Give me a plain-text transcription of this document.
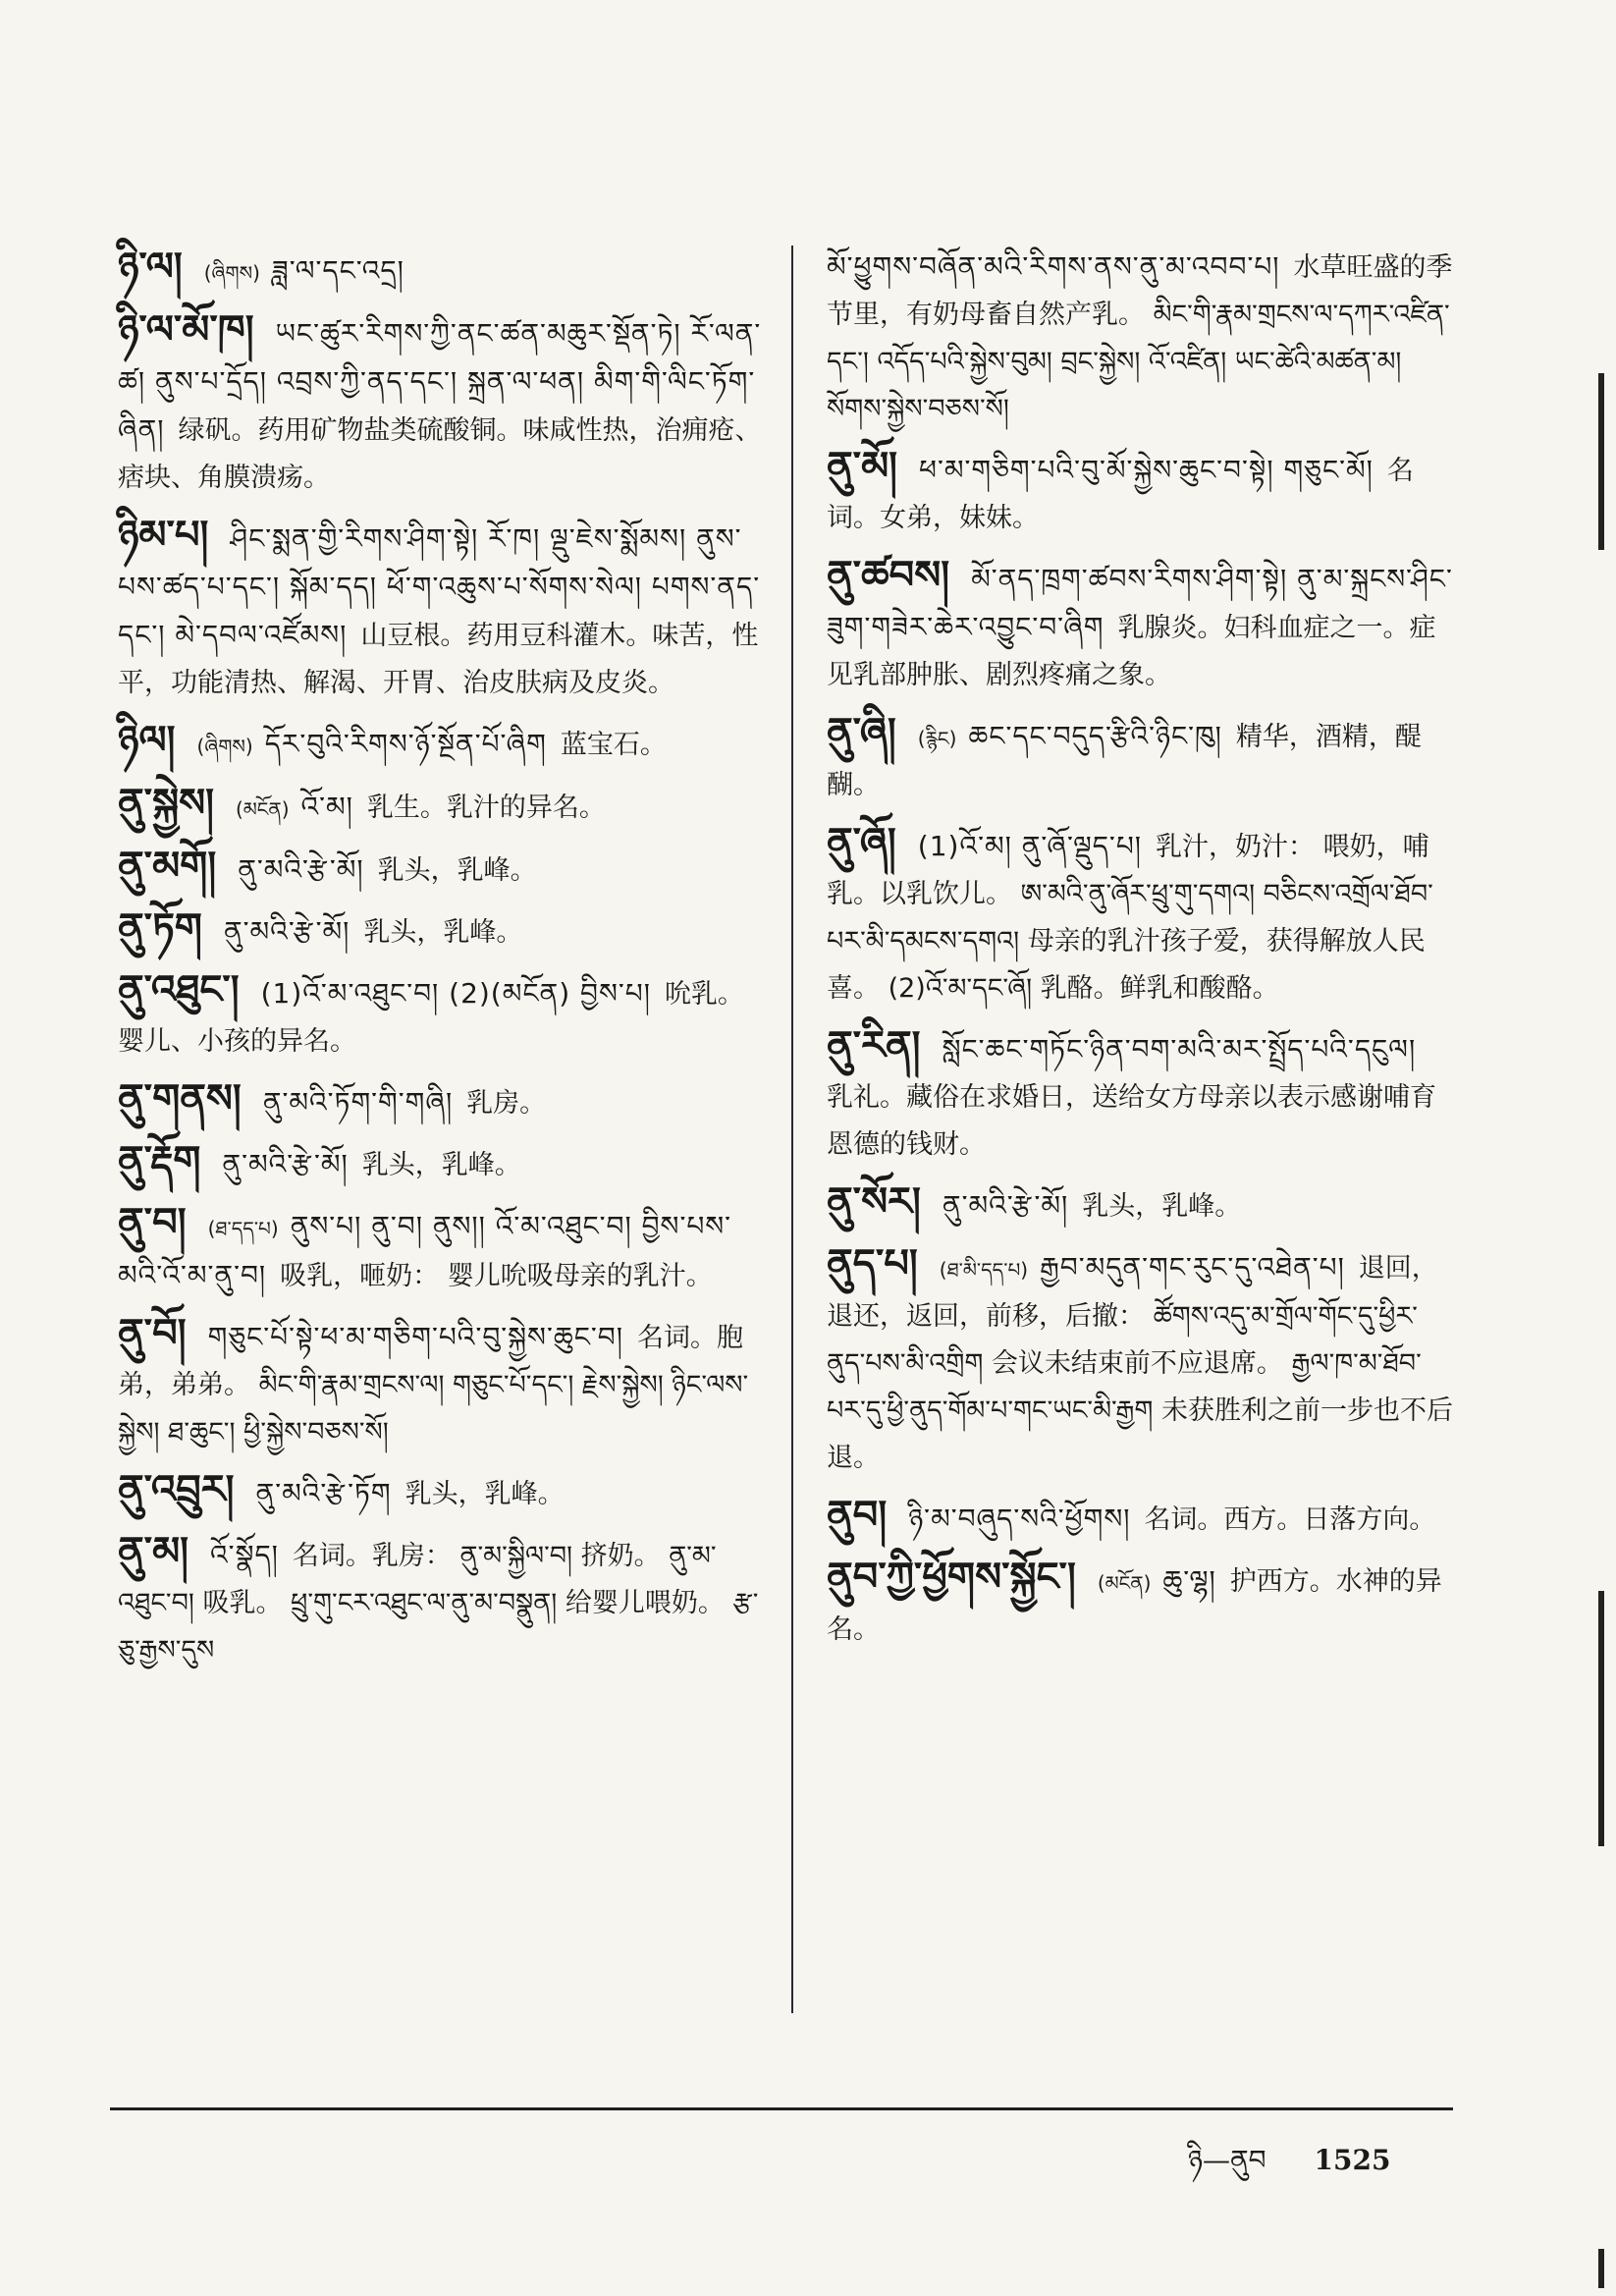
ཉི་ལ། (ཞིགས) ཟླ་ལ་དང་འདྲ།
ཉི་ལ་མོ་ཁ། ཡང་ཚུར་རིགས་ཀྱི་ནང་ཚན་མཆུར་སྡོན་ཏེ། རོ་ལན་ཚ། ནུས་པ་དྲོད། འབྲས་ཀྱི་ནད་དང་། སྐྲན་ལ་ཕན། མིག་གི་ལིང་ཏོག་ཞིན། 绿矾。药用矿物盐类硫酸铜。味咸性热，治痈疮、痞块、角膜溃疡。
ཉིམ་པ། ཤིང་སྨན་གྱི་རིགས་ཤིག་སྟེ། རོ་ཁ། ལྡུ་ཇེས་སྨོམས། ནུས་པས་ཚད་པ་དང་། སྐོམ་དད། ཕོ་ག་འཆུས་པ་སོགས་སེལ། པགས་ནད་དང་། མེ་དབལ་འཛོམས། 山豆根。药用豆科灌木。味苦，性平，功能清热、解渴、开胃、治皮肤病及皮炎。
ཉིལ། (ཞིགས) དོར་བུའི་རིགས་ཉོ་སྔོན་པོ་ཞིག 蓝宝石。
ནུ་སྐྱེས། (མངོན) འོ་མ། 乳生。乳汁的异名。
ནུ་མགོ། ནུ་མའི་རྩེ་མོ། 乳头，乳峰。
ནུ་ཏོག ནུ་མའི་རྩེ་མོ། 乳头，乳峰。
ནུ་འཐུང་། (1)འོ་མ་འཐུང་བ། (2)(མངོན) བྱིས་པ། 吮乳。 婴儿、小孩的异名。
ནུ་གནས། ནུ་མའི་ཏོག་གི་གཞི། 乳房。
ནུ་རྡོག ནུ་མའི་རྩེ་མོ། 乳头，乳峰。
ནུ་བ། (ཐ་དད་པ) ནུས་པ། ནུ་བ། ནུས།། འོ་མ་འཐུང་བ། བྱིས་པས་མའི་འོ་མ་ནུ་བ། 吸乳，咂奶： 婴儿吮吸母亲的乳汁。
ནུ་བོ། གཅུང་པོ་སྟེ་ཕ་མ་གཅིག་པའི་བུ་སྐྱེས་ཆུང་བ། 名词。胞弟，弟弟。 མིང་གི་རྣམ་གྲངས་ལ། གཅུང་པོ་དང་། རྗེས་སྐྱེས། ཉིང་ལས་སྐྱེས། ཐ་ཆུང་། ཕྱི་སྐྱེས་བཅས་སོ།
ནུ་འབྲུར། ནུ་མའི་རྩེ་ཏོག 乳头，乳峰。
ནུ་མ། འོ་སྣོད། 名词。乳房： ནུ་མ་སྐྱིལ་བ། 挤奶。 ནུ་མ་འཐུང་བ། 吸乳。 ཕྲུ་གུ་ངར་འཐུང་ལ་ནུ་མ་བསྣུན། 给婴儿喂奶。 རྩ་ཅུ་རྒྱས་དུས
མོ་ཕྱུགས་བཞོན་མའི་རིགས་ནས་ནུ་མ་འབབ་པ། 水草旺盛的季节里，有奶母畜自然产乳。 མིང་གི་རྣམ་གྲངས་ལ་དཀར་འཛིན་དང་། འདོད་པའི་སྐྱེས་བུམ། བྲང་སྐྱེས། འོ་འཛིན། ཡང་ཚེའི་མཚན་མ། སོགས་སྐྱེས་བཅས་སོ།
ནུ་མོ། ཕ་མ་གཅིག་པའི་བུ་མོ་སྐྱེས་ཆུང་བ་སྟེ། གཅུང་མོ། 名词。女弟，妹妹。
ནུ་ཚབས། མོ་ནད་ཁྲག་ཚབས་རིགས་ཤིག་སྟེ། ནུ་མ་སྐྲངས་ཤིང་ཟུག་གཟེར་ཆེར་འབྱུང་བ་ཞིག 乳腺炎。妇科血症之一。症见乳部肿胀、剧烈疼痛之象。
ནུ་ཞི། (རྙིང) ཆང་དང་བདུད་རྩིའི་ཉིང་ཁུ། 精华，酒精，醍醐。
ནུ་ཞོ། (1)འོ་མ། ནུ་ཞོ་ལྡུད་པ། 乳汁，奶汁： 喂奶，哺乳。以乳饮儿。 ཨ་མའི་ནུ་ཞོར་ཕྲུ་གུ་དགའ། བཅིངས་འགྲོལ་ཐོབ་པར་མི་དམངས་དགའ། 母亲的乳汁孩子爱，获得解放人民喜。 (2)འོ་མ་དང་ཞོ། 乳酪。鲜乳和酸酪。
ནུ་རིན། སློང་ཆང་གཏོང་ཉིན་བག་མའི་མར་སྤྲོད་པའི་དངུལ།乳礼。藏俗在求婚日，送给女方母亲以表示感谢哺育恩德的钱财。
ནུ་སོར། ནུ་མའི་རྩེ་མོ། 乳头，乳峰。
ནུད་པ། (ཐ་མི་དད་པ) རྒྱབ་མདུན་གང་རུང་དུ་འཐེན་པ། 退回，退还，返回，前移，后撤： ཚོགས་འདུ་མ་གྲོལ་གོང་དུ་ཕྱིར་ནུད་པས་མི་འགྲིག 会议未结束前不应退席。 རྒྱལ་ཁ་མ་ཐོབ་པར་དུ་ཕྱི་ནུད་གོམ་པ་གང་ཡང་མི་རྒྱག 未获胜利之前一步也不后退。
ནུབ། ཉི་མ་བཞུད་སའི་ཕྱོགས། 名词。西方。日落方向。
ནུབ་ཀྱི་ཕྱོགས་སྐྱོང་། (མངོན) ཆུ་ལྷ། 护西方。水神的异名。
ཉི—ནུབ 1525
